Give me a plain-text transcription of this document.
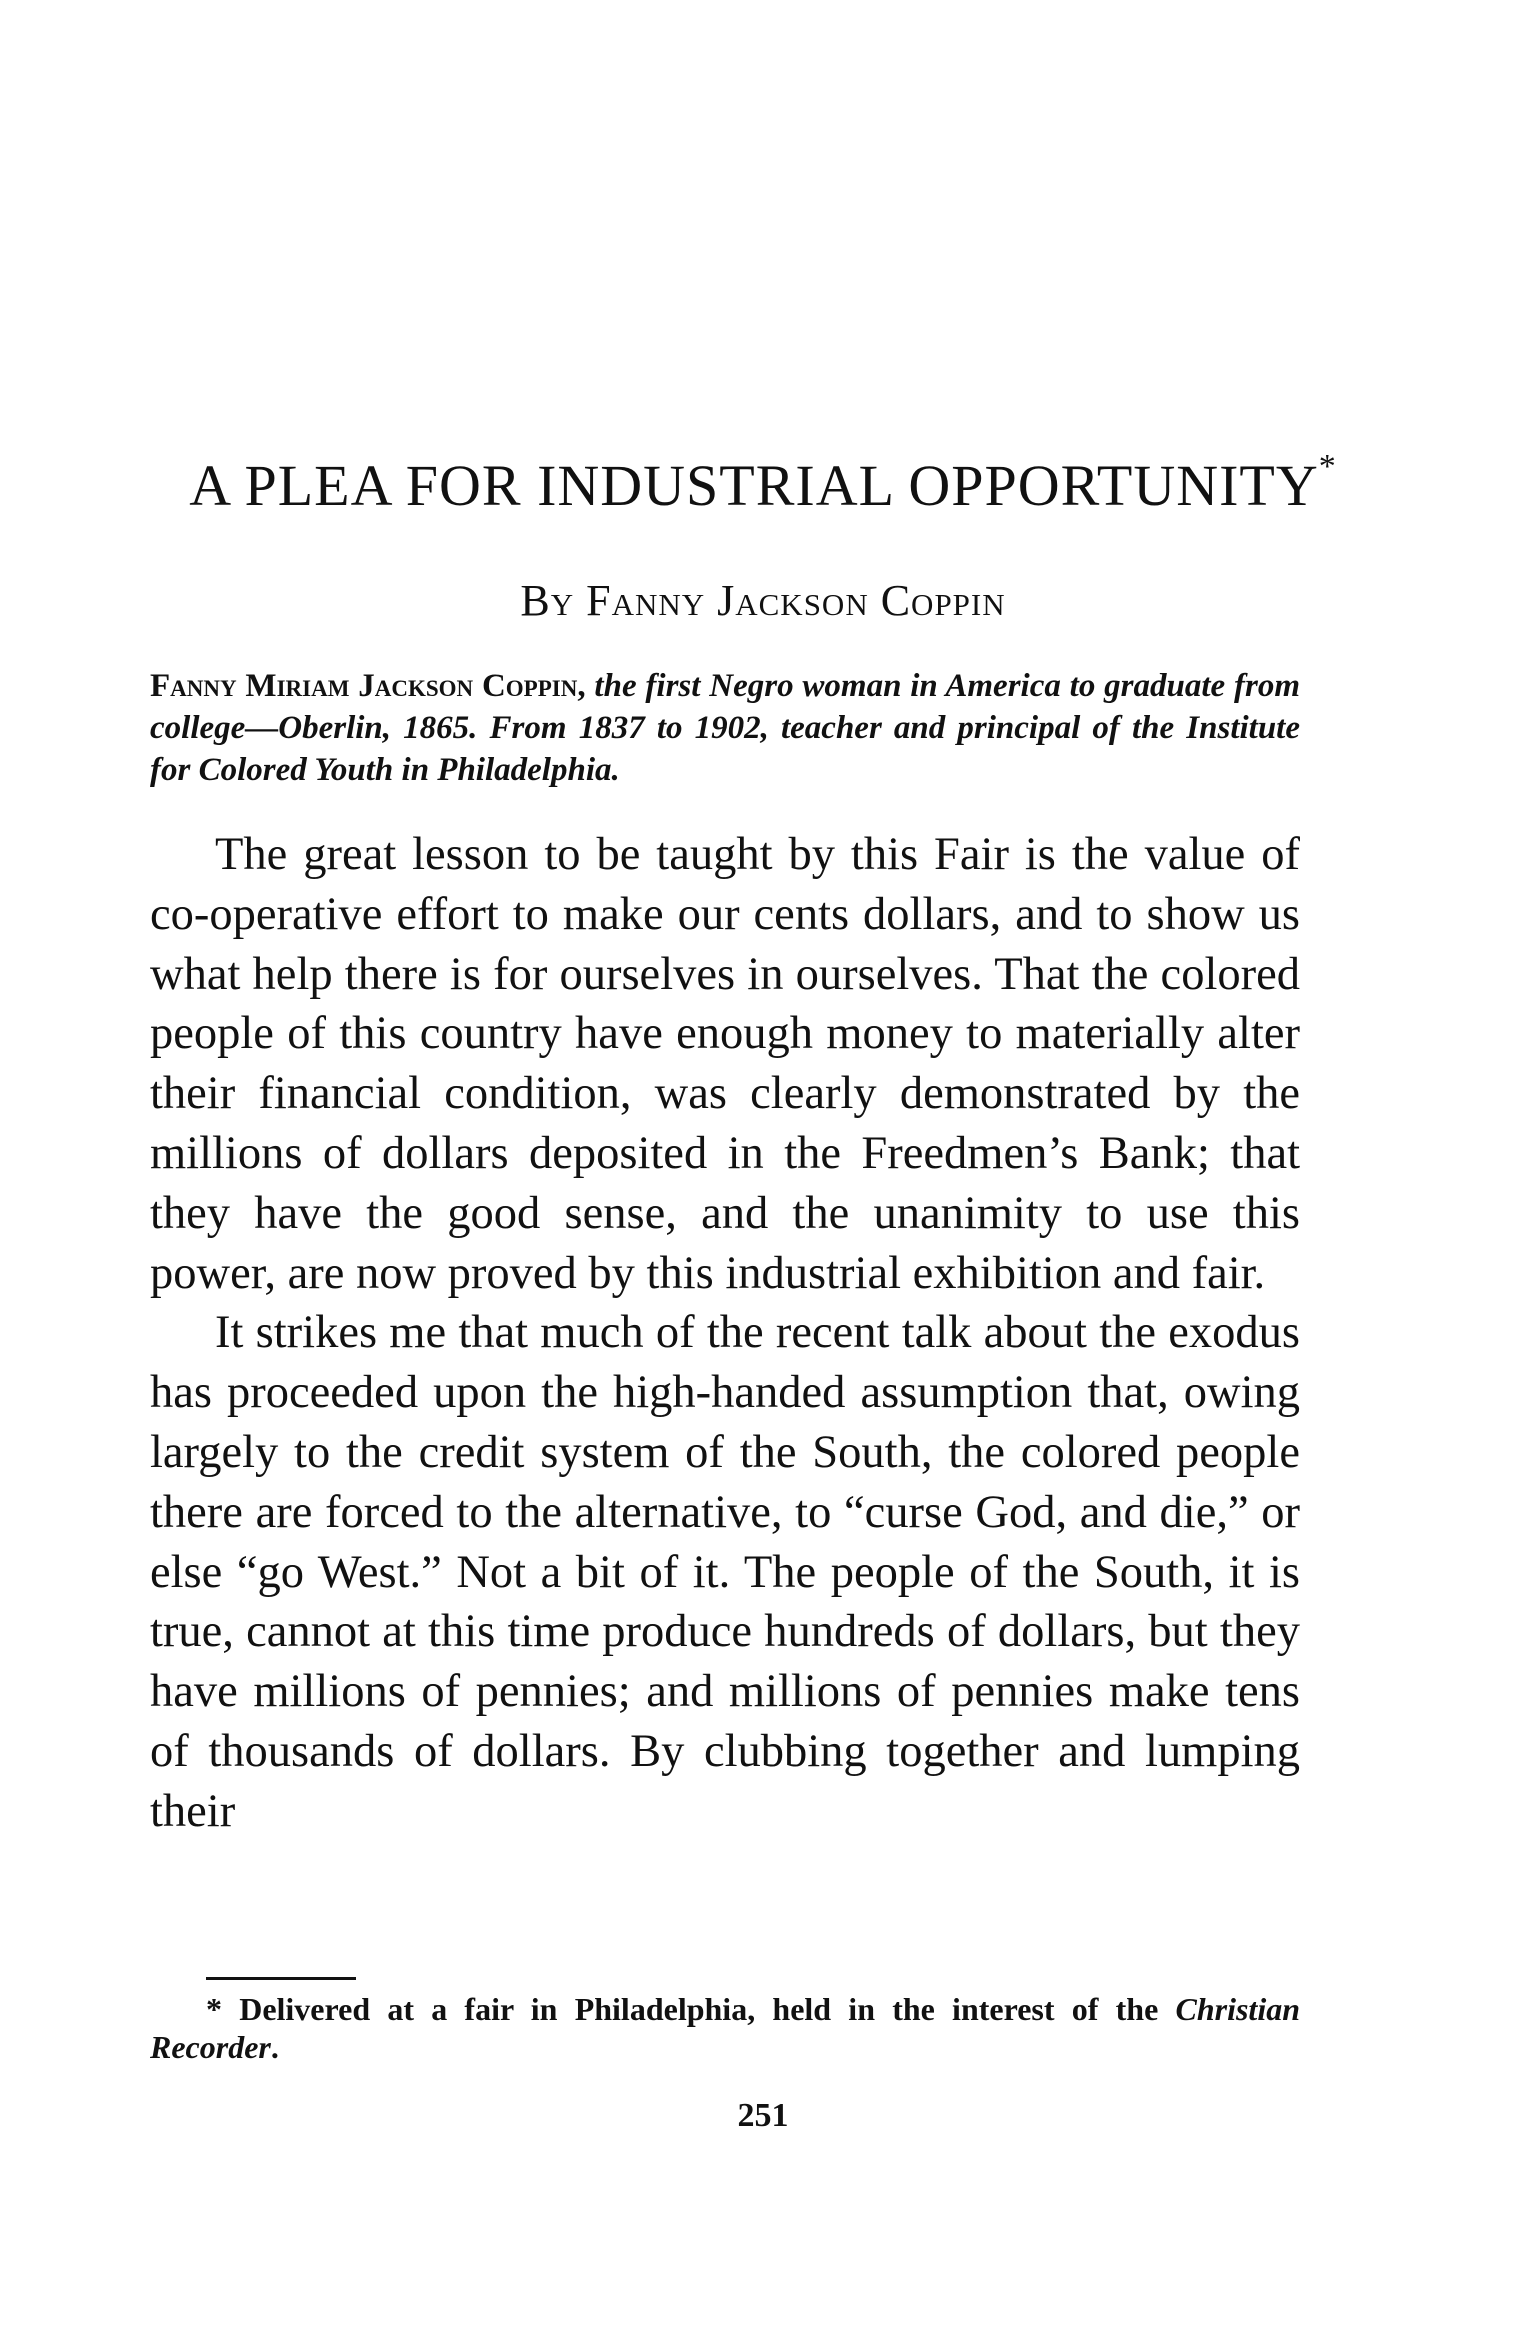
A PLEA FOR INDUSTRIAL OPPORTUNITY*
By Fanny Jackson Coppin
Fanny Miriam Jackson Coppin, the first Negro woman in America to graduate from college—Oberlin, 1865. From 1837 to 1902, teacher and principal of the Institute for Colored Youth in Philadelphia.

The great lesson to be taught by this Fair is the value of co-operative effort to make our cents dollars, and to show us what help there is for ourselves in ourselves. That the colored people of this country have enough money to materially alter their financial condition, was clearly demonstrated by the millions of dollars deposited in the Freedmen’s Bank; that they have the good sense, and the unanimity to use this power, are now proved by this industrial exhibition and fair.

It strikes me that much of the recent talk about the exodus has proceeded upon the high-handed assumption that, owing largely to the credit system of the South, the colored people there are forced to the alternative, to “curse God, and die,” or else “go West.” Not a bit of it. The people of the South, it is true, cannot at this time produce hundreds of dollars, but they have millions of pennies; and millions of pennies make tens of thousands of dollars. By clubbing together and lumping their

* Delivered at a fair in Philadelphia, held in the interest of the Christian Recorder.
251
